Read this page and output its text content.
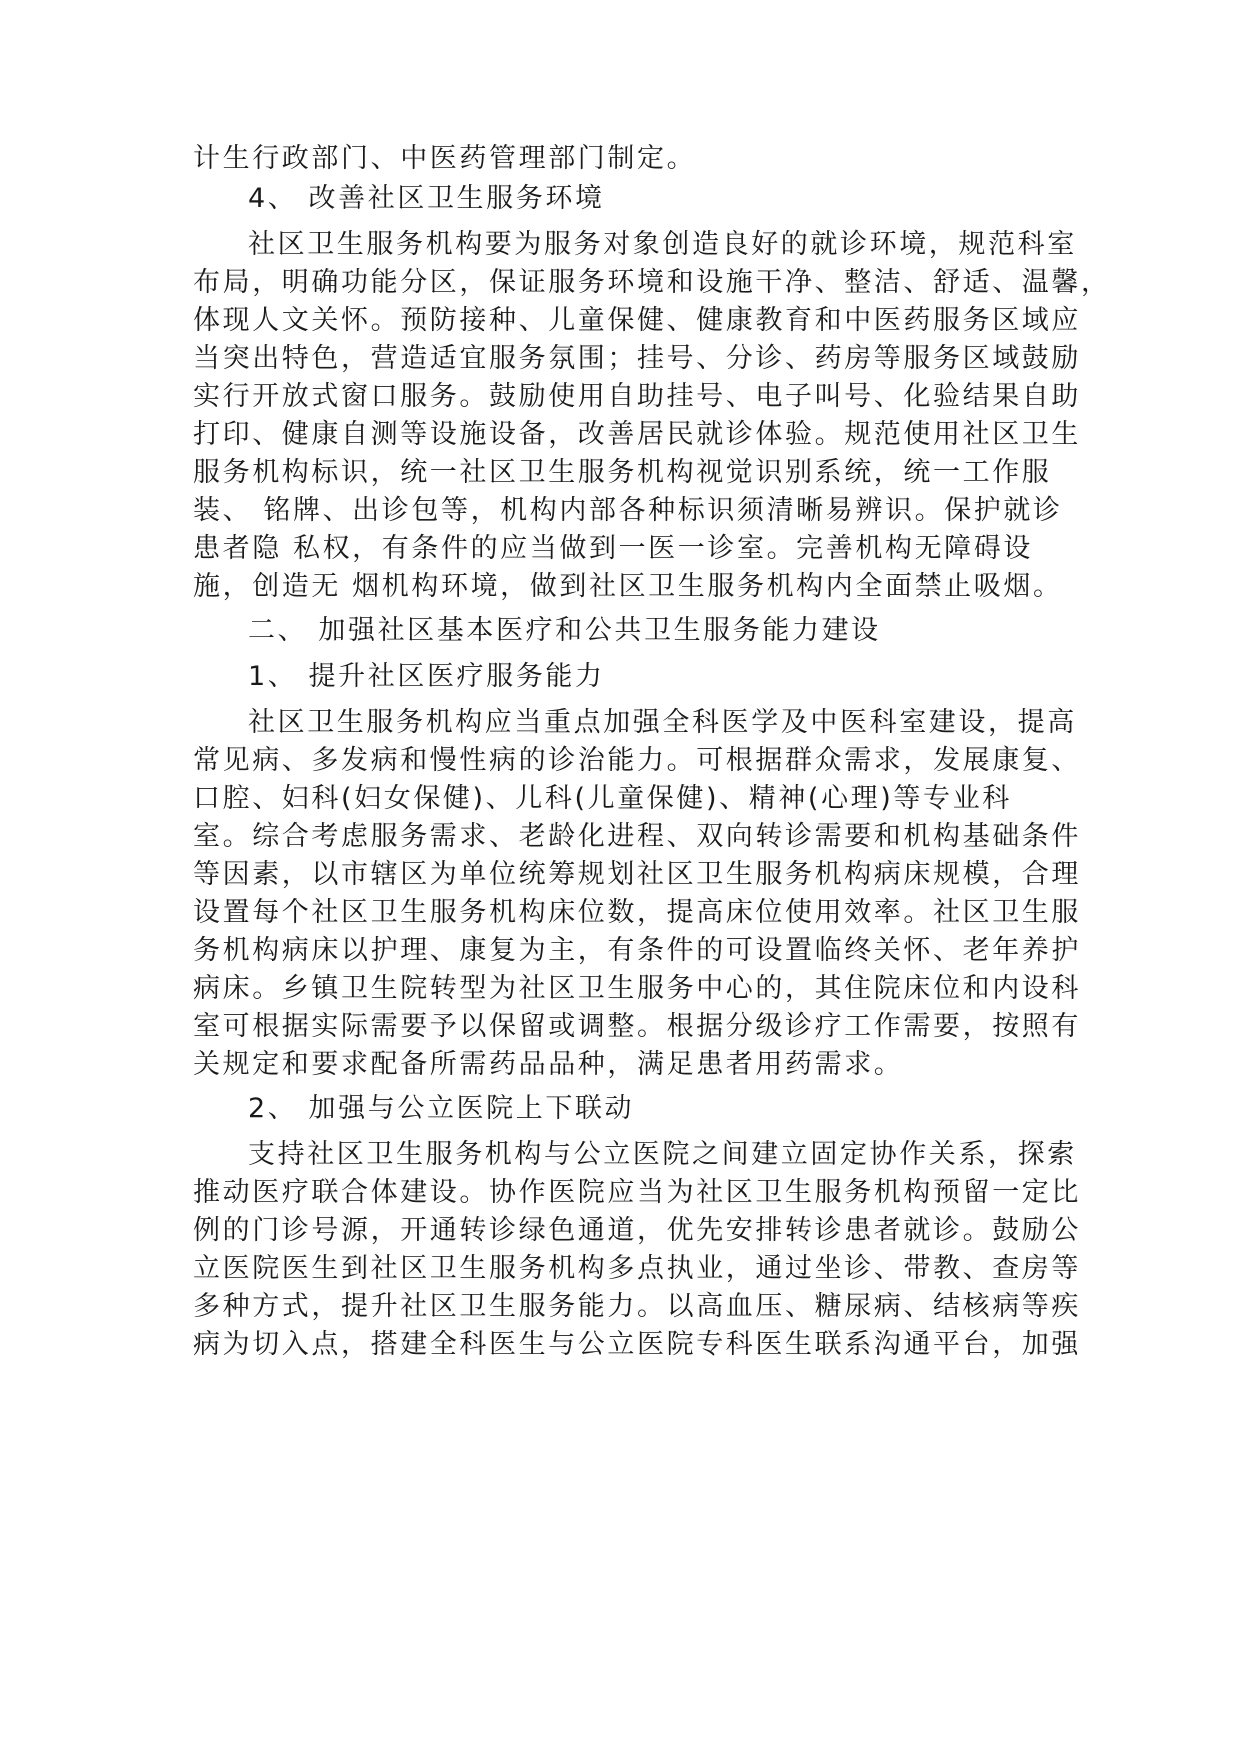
计生行政部门、中医药管理部门制定。
4、 改善社区卫生服务环境
社区卫生服务机构要为服务对象创造良好的就诊环境，规范科室
布局，明确功能分区，保证服务环境和设施干净、整洁、舒适、温馨，
体现人文关怀。预防接种、儿童保健、健康教育和中医药服务区域应
当突出特色，营造适宜服务氛围；挂号、分诊、药房等服务区域鼓励
实行开放式窗口服务。鼓励使用自助挂号、电子叫号、化验结果自助
打印、健康自测等设施设备，改善居民就诊体验。规范使用社区卫生
服务机构标识，统一社区卫生服务机构视觉识别系统，统一工作服
装、 铭牌、出诊包等，机构内部各种标识须清晰易辨识。保护就诊
患者隐 私权，有条件的应当做到一医一诊室。完善机构无障碍设
施，创造无 烟机构环境，做到社区卫生服务机构内全面禁止吸烟。
二、 加强社区基本医疗和公共卫生服务能力建设
1、 提升社区医疗服务能力
社区卫生服务机构应当重点加强全科医学及中医科室建设，提高
常见病、多发病和慢性病的诊治能力。可根据群众需求，发展康复、
口腔、妇科(妇女保健)、儿科(儿童保健)、精神(心理)等专业科
室。综合考虑服务需求、老龄化进程、双向转诊需要和机构基础条件
等因素，以市辖区为单位统筹规划社区卫生服务机构病床规模，合理
设置每个社区卫生服务机构床位数，提高床位使用效率。社区卫生服
务机构病床以护理、康复为主，有条件的可设置临终关怀、老年养护
病床。乡镇卫生院转型为社区卫生服务中心的，其住院床位和内设科
室可根据实际需要予以保留或调整。根据分级诊疗工作需要，按照有
关规定和要求配备所需药品品种，满足患者用药需求。
2、 加强与公立医院上下联动
支持社区卫生服务机构与公立医院之间建立固定协作关系，探索
推动医疗联合体建设。协作医院应当为社区卫生服务机构预留一定比
例的门诊号源，开通转诊绿色通道，优先安排转诊患者就诊。鼓励公
立医院医生到社区卫生服务机构多点执业，通过坐诊、带教、查房等
多种方式，提升社区卫生服务能力。以高血压、糖尿病、结核病等疾
病为切入点，搭建全科医生与公立医院专科医生联系沟通平台，加强
